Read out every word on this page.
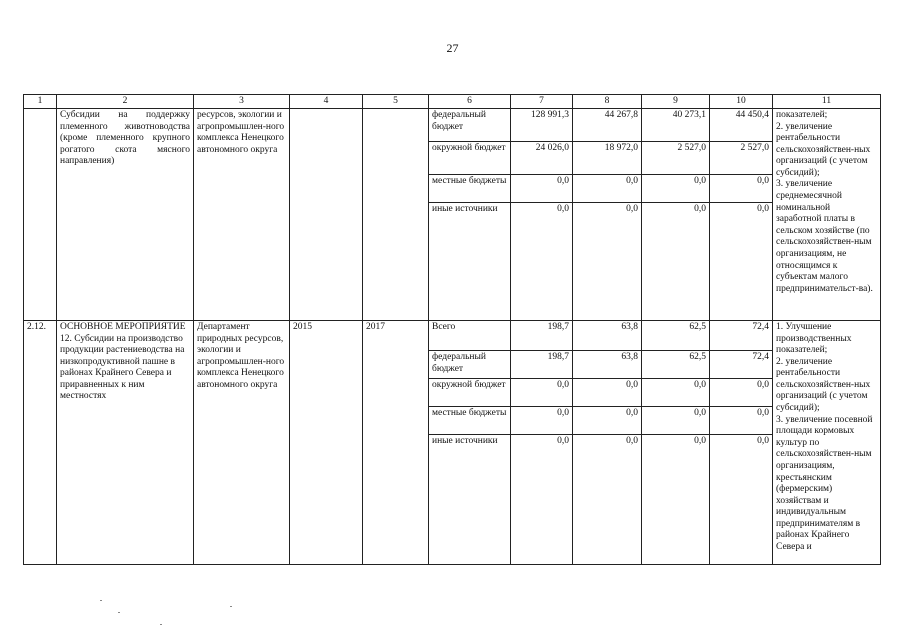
27
1	2	3	4	5	6	7	8	9	10	11
	Субсидии на поддержку племенного животноводства (кроме племенного крупного рогатого скота мясного направления)	ресурсов, экологии и агропромышлен-ного комплекса Ненецкого автономного округа			федеральный бюджет	128 991,3	44 267,8	40 273,1	44 450,4	показателей;
2. увеличение рентабельности сельскохозяйствен-ных организаций (с учетом субсидий);
3. увеличение среднемесячной номинальной заработной платы в сельском хозяйстве (по сельскохозяйствен-ным организациям, не относящимся к субъектам малого предпринимательст-ва).

					окружной бюджет	24 026,0	18 972,0	2 527,0	2 527,0	
					местные бюджеты	0,0	0,0	0,0	0,0	
					иные источники	0,0	0,0	0,0	0,0	
2.12.	ОСНОВНОЕ МЕРОПРИЯТИЕ 12. Субсидии на производство продукции растениеводства на низкопродуктивной пашне в районах Крайнего Севера и приравненных к ним местностях	Департамент природных ресурсов, экологии и агропромышлен-ного комплекса Ненецкого автономного округа	2015	2017	Всего	198,7	63,8	62,5	72,4	1. Улучшение производственных показателей;
2. увеличение рентабельности сельскохозяйствен-ных организаций (с учетом субсидий);
3. увеличение посевной площади кормовых культур по сельскохозяйствен-ным организациям, крестьянским (фермерским) хозяйствам и индивидуальным предпринимателям в районах Крайнего Севера и

					федеральный бюджет	198,7	63,8	62,5	72,4	
					окружной бюджет	0,0	0,0	0,0	0,0	
					местные бюджеты	0,0	0,0	0,0	0,0	
					иные источники	0,0	0,0	0,0	0,0	
